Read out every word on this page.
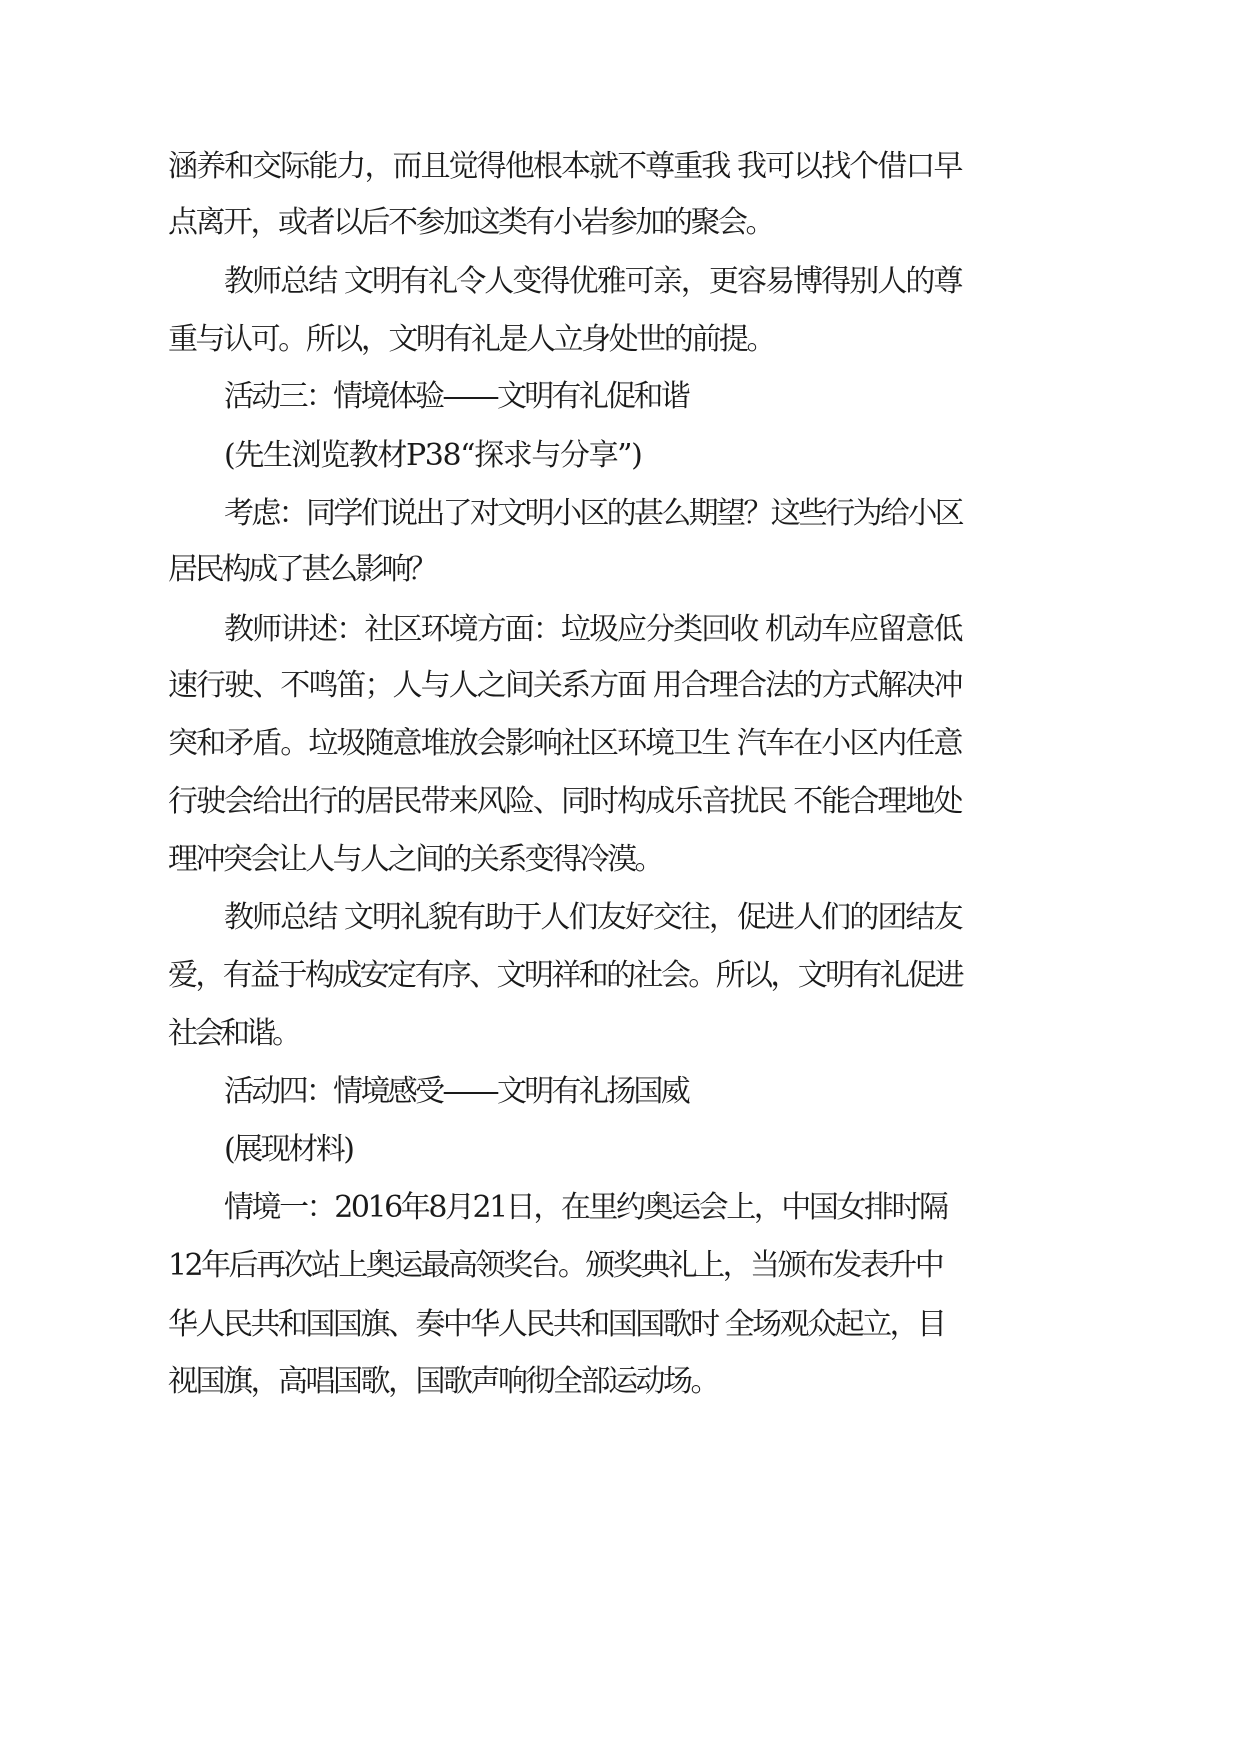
涵养和交际能力，而且觉得他根本就不尊重我 我可以找个借口早
点离开，或者以后不参加这类有小岩参加的聚会。
教师总结 文明有礼令人变得优雅可亲，更容易博得别人的尊
重与认可。所以，文明有礼是人立身处世的前提。
活动三：情境体验——文明有礼促和谐
(先生浏览教材P38“探求与分享”)
考虑：同学们说出了对文明小区的甚么期望？这些行为给小区
居民构成了甚么影响？
教师讲述：社区环境方面：垃圾应分类回收 机动车应留意低
速行驶、不鸣笛；人与人之间关系方面 用合理合法的方式解决冲
突和矛盾。垃圾随意堆放会影响社区环境卫生 汽车在小区内任意
行驶会给出行的居民带来风险、同时构成乐音扰民 不能合理地处
理冲突会让人与人之间的关系变得冷漠。
教师总结 文明礼貌有助于人们友好交往，促进人们的团结友
爱，有益于构成安定有序、文明祥和的社会。所以，文明有礼促进
社会和谐。
活动四：情境感受——文明有礼扬国威
(展现材料)
情境一：2016年8月21日，在里约奥运会上，中国女排时隔
12年后再次站上奥运最高领奖台。颁奖典礼上，当颁布发表升中
华人民共和国国旗、奏中华人民共和国国歌时 全场观众起立，目
视国旗，高唱国歌，国歌声响彻全部运动场。
